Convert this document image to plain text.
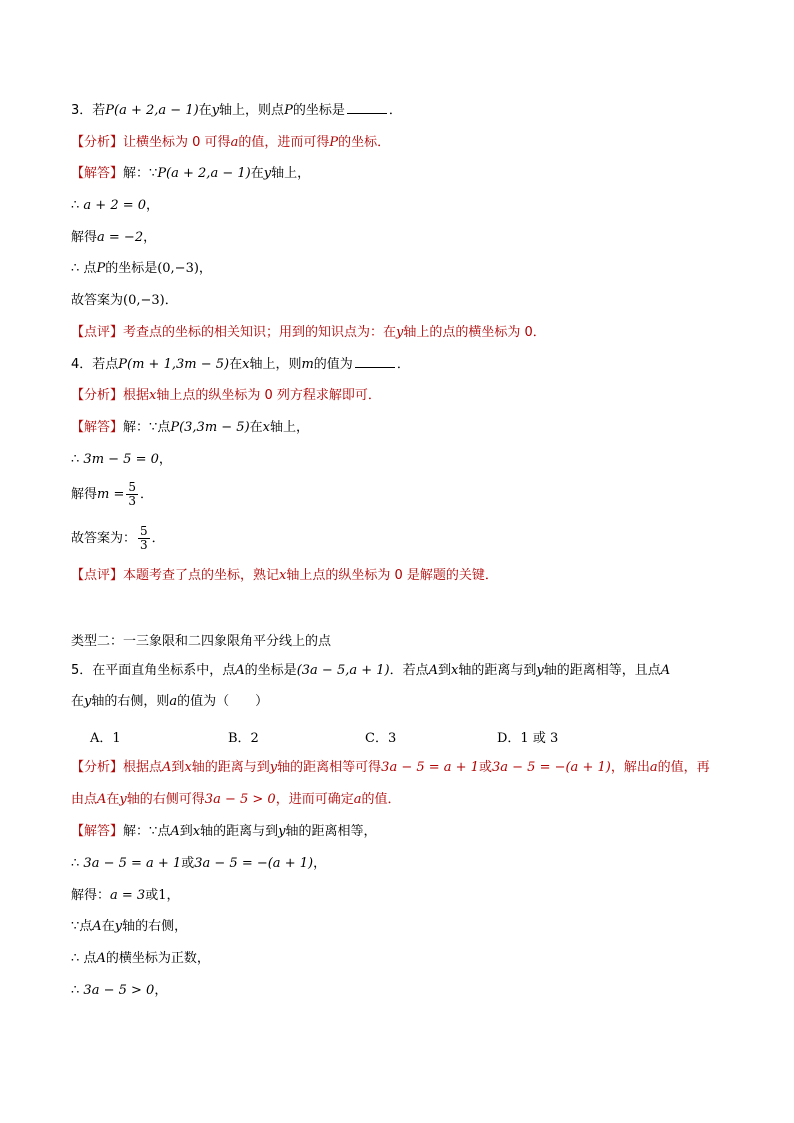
3．若P(a + 2,a − 1)在y轴上，则点P的坐标是	．
【分析】让横坐标为 0 可得a的值，进而可得P的坐标．
【解答】解：∵P(a + 2,a − 1)在y轴上，
∴ a + 2 = 0，
解得a = −2，
∴ 点P的坐标是(0,−3)，
故答案为(0,−3)．
【点评】考查点的坐标的相关知识；用到的知识点为：在y轴上的点的横坐标为 0．
4．若点P(m + 1,3m − 5)在x轴上，则m的值为	．
【分析】根据x轴上点的纵坐标为 0 列方程求解即可．
【解答】解：∵点P(3,3m − 5)在x轴上，
∴ 3m − 5 = 0，
解得$m = \frac{5}{3}$ ．
故答案为： $\frac{5}{3}$ ．
【点评】本题考查了点的坐标，熟记x轴上点的纵坐标为 0 是解题的关键．
类型二：一三象限和二四象限角平分线上的点
5．在平面直角坐标系中，点A的坐标是(3a − 5,a + 1)．若点A到x轴的距离与到y轴的距离相等，且点A
在y轴的右侧，则a的值为（　　）
A．1	B．2	C．3	D．1 或 3
【分析】根据点A到x轴的距离与到y轴的距离相等可得3a − 5 = a + 1或3a − 5 = −(a + 1)，解出a的值，再
由点A在y轴的右侧可得3a − 5 > 0，进而可确定a的值．
【解答】解：∵点A到x轴的距离与到y轴的距离相等，
∴ 3a − 5 = a + 1或3a − 5 = −(a + 1)，
解得：a = 3或1，
∵点A在y轴的右侧，
∴ 点A的横坐标为正数，
∴ 3a − 5 > 0，
